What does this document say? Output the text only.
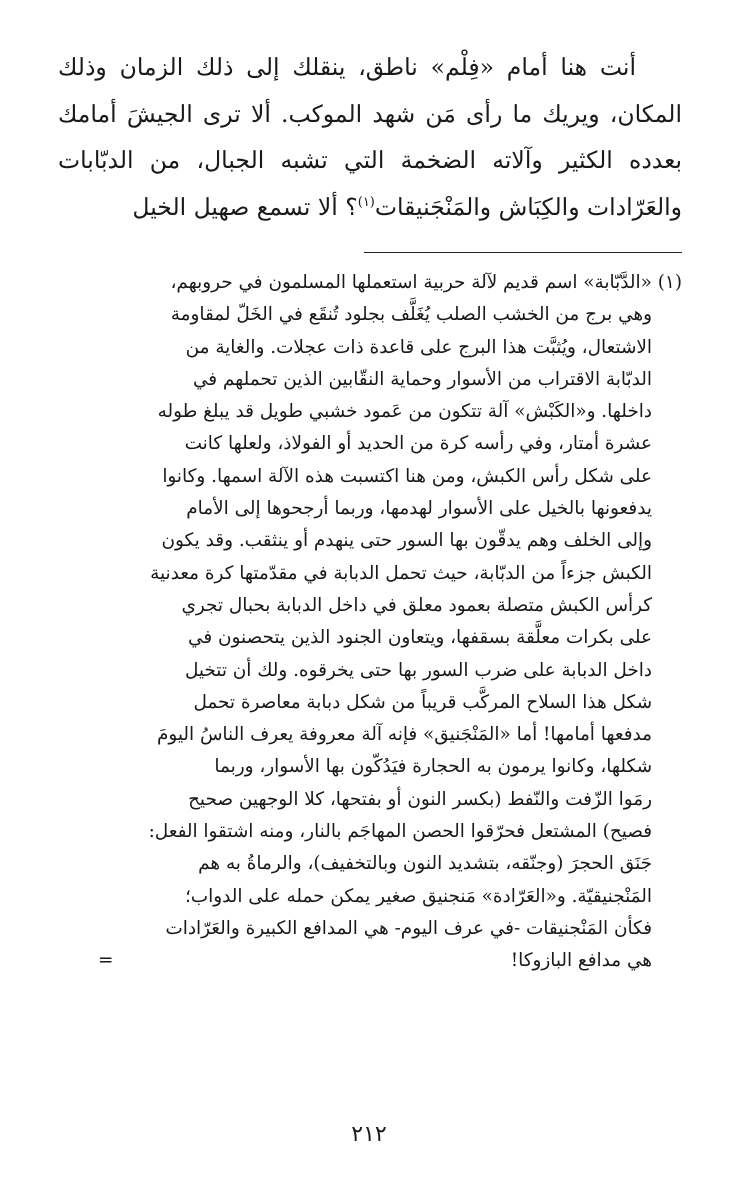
أنت هنا أمام «فِلْم» ناطق، ينقلك إلى ذلك الزمان وذلك المكان، ويريك ما رأى مَن شهد الموكب. ألا ترى الجيشَ أمامك بعدده الكثير وآلاته الضخمة التي تشبه الجبال، من الدبّابات والعَرّادات والكِبَاش والمَنْجَنيقات$^{(١)}$؟ ألا تسمع صهيل الخيل

(١) «الدَّبّابة» اسم قديم لآلة حربية استعملها المسلمون في حروبهم،
وهي برج من الخشب الصلب يُغَلَّف بجلود تُنقَع في الخَلّ لمقاومة
الاشتعال، ويُثبَّت هذا البرج على قاعدة ذات عجلات. والغاية من
الدبّابة الاقتراب من الأسوار وحماية النقّابين الذين تحملهم في
داخلها. و«الكَبْش» آلة تتكون من عَمود خشبي طويل قد يبلغ طوله
عشرة أمتار، وفي رأسه كرة من الحديد أو الفولاذ، ولعلها كانت
على شكل رأس الكبش، ومن هنا اكتسبت هذه الآلة اسمها. وكانوا
يدفعونها بالخيل على الأسوار لهدمها، وربما أرجحوها إلى الأمام
وإلى الخلف وهم يدقّون بها السور حتى ينهدم أو ينثقب. وقد يكون
الكبش جزءاً من الدبّابة، حيث تحمل الدبابة في مقدّمتها كرة معدنية
كرأس الكبش متصلة بعمود معلق في داخل الدبابة بحبال تجري
على بكرات معلَّقة بسقفها، ويتعاون الجنود الذين يتحصنون في
داخل الدبابة على ضرب السور بها حتى يخرقوه. ولك أن تتخيل
شكل هذا السلاح المركَّب قريباً من شكل دبابة معاصرة تحمل
مدفعها أمامها! أما «المَنْجَنيق» فإنه آلة معروفة يعرف الناسُ اليومَ
شكلها، وكانوا يرمون به الحجارة فيَدُكّون بها الأسوار، وربما
رمَوا الزّفت والنّفط (بكسر النون أو بفتحها، كلا الوجهين صحيح
فصيح) المشتعل فحرّقوا الحصن المهاجَم بالنار، ومنه اشتقوا الفعل:
جَنَق الحجرَ (وجنّقه، بتشديد النون وبالتخفيف)، والرماةُ به هم
المَنْجنيقيّة. و«العَرّادة» مَنجنيق صغير يمكن حمله على الدواب؛
فكأن المَنْجنيقات -في عرف اليوم- هي المدافع الكبيرة والعَرّادات
هي مدافع البازوكا!
=
٢١٢
